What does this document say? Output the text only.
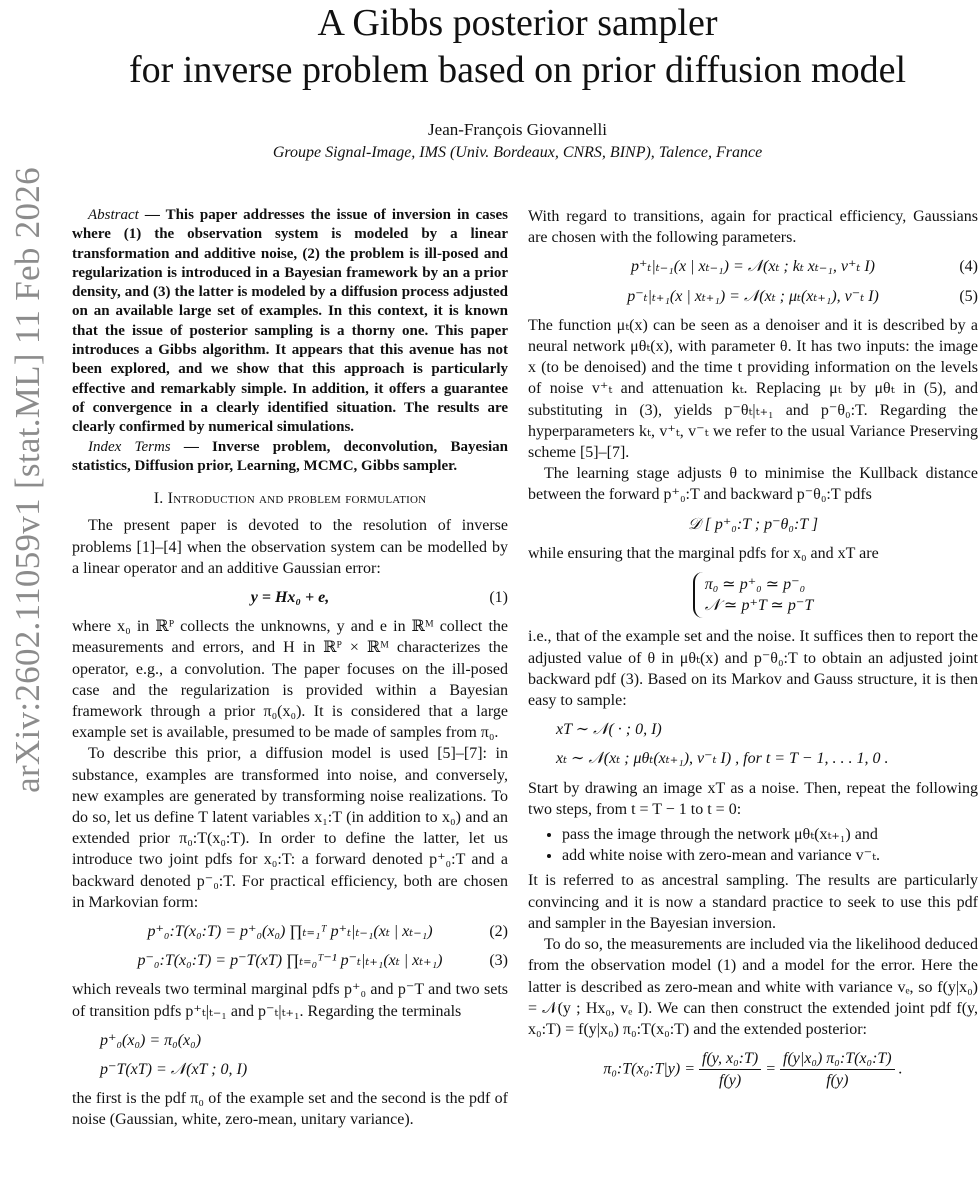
arXiv:2602.11059v1 [stat.ML] 11 Feb 2026
A Gibbs posterior sampler
for inverse problem based on prior diffusion model
Jean-François Giovannelli
Groupe Signal-Image, IMS (Univ. Bordeaux, CNRS, BINP), Talence, France

Abstract — This paper addresses the issue of inversion in cases where (1) the observation system is modeled by a linear transformation and additive noise, (2) the problem is ill-posed and regularization is introduced in a Bayesian framework by an a prior density, and (3) the latter is modeled by a diffusion process adjusted on an available large set of examples. In this context, it is known that the issue of posterior sampling is a thorny one. This paper introduces a Gibbs algorithm. It appears that this avenue has not been explored, and we show that this approach is particularly effective and remarkably simple. In addition, it offers a guarantee of convergence in a clearly identified situation. The results are clearly confirmed by numerical simulations.

Index Terms — Inverse problem, deconvolution, Bayesian statistics, Diffusion prior, Learning, MCMC, Gibbs sampler.

I. Introduction and problem formulation

The present paper is devoted to the resolution of inverse problems [1]–[4] when the observation system can be modelled by a linear operator and an additive Gaussian error:

y = Hx₀ + e,	(1)

where x₀ in ℝᴾ collects the unknowns, y and e in ℝᴹ collect the measurements and errors, and H in ℝᴾ × ℝᴹ characterizes the operator, e.g., a convolution. The paper focuses on the ill-posed case and the regularization is provided within a Bayesian framework through a prior π₀(x₀). It is considered that a large example set is available, presumed to be made of samples from π₀.

To describe this prior, a diffusion model is used [5]–[7]: in substance, examples are transformed into noise, and conversely, new examples are generated by transforming noise realizations. To do so, let us define T latent variables x₁:T (in addition to x₀) and an extended prior π₀:T(x₀:T). In order to define the latter, let us introduce two joint pdfs for x₀:T: a forward denoted p⁺₀:T and a backward denoted p⁻₀:T. For practical efficiency, both are chosen in Markovian form:

p⁺₀:T(x₀:T) = p⁺₀(x₀) ∏ₜ₌₁ᵀ p⁺ₜ|ₜ₋₁(xₜ | xₜ₋₁)	(2)
p⁻₀:T(x₀:T) = p⁻T(xT) ∏ₜ₌₀ᵀ⁻¹ p⁻ₜ|ₜ₊₁(xₜ | xₜ₊₁)	(3)

which reveals two terminal marginal pdfs p⁺₀ and p⁻T and two sets of transition pdfs p⁺ₜ|ₜ₋₁ and p⁻ₜ|ₜ₊₁. Regarding the terminals

p⁺₀(x₀) = π₀(x₀)
p⁻T(xT) = 𝒩(xT ; 0, I)

the first is the pdf π₀ of the example set and the second is the pdf of noise (Gaussian, white, zero-mean, unitary variance).

With regard to transitions, again for practical efficiency, Gaussians are chosen with the following parameters.

p⁺ₜ|ₜ₋₁(x | xₜ₋₁) = 𝒩(xₜ ; kₜ xₜ₋₁, v⁺ₜ I)	(4)
p⁻ₜ|ₜ₊₁(x | xₜ₊₁) = 𝒩(xₜ ; μₜ(xₜ₊₁), v⁻ₜ I)	(5)

The function μₜ(x) can be seen as a denoiser and it is described by a neural network μθₜ(x), with parameter θ. It has two inputs: the image x (to be denoised) and the time t providing information on the levels of noise v⁺ₜ and attenuation kₜ. Replacing μₜ by μθₜ in (5), and substituting in (3), yields p⁻θₜ|ₜ₊₁ and p⁻θ₀:T. Regarding the hyperparameters kₜ, v⁺ₜ, v⁻ₜ we refer to the usual Variance Preserving scheme [5]–[7].

The learning stage adjusts θ to minimise the Kullback distance between the forward p⁺₀:T and backward p⁻θ₀:T pdfs

𝒟 [ p⁺₀:T ; p⁻θ₀:T ]

while ensuring that the marginal pdfs for x₀ and xT are

π₀ ≃ p⁺₀ ≃ p⁻₀
𝒩 ≃ p⁺T ≃ p⁻T

i.e., that of the example set and the noise. It suffices then to report the adjusted value of θ in μθₜ(x) and p⁻θ₀:T to obtain an adjusted joint backward pdf (3). Based on its Markov and Gauss structure, it is then easy to sample:

xT ∼ 𝒩( · ; 0, I)
xₜ ∼ 𝒩(xₜ ; μθₜ(xₜ₊₁), v⁻ₜ I) , for t = T − 1, . . . 1, 0 .

Start by drawing an image xT as a noise. Then, repeat the following two steps, from t = T − 1 to t = 0:

• pass the image through the network μθₜ(xₜ₊₁) and
• add white noise with zero-mean and variance v⁻ₜ.

It is referred to as ancestral sampling. The results are particularly convincing and it is now a standard practice to seek to use this pdf and sampler in the Bayesian inversion.

To do so, the measurements are included via the likelihood deduced from the observation model (1) and a model for the error. Here the latter is described as zero-mean and white with variance vₑ, so f(y|x₀) = 𝒩(y ; Hx₀, vₑ I). We can then construct the extended joint pdf f(y, x₀:T) = f(y|x₀) π₀:T(x₀:T) and the extended posterior:

π₀:T(x₀:T|y) = $\frac{\text{f(y, x₀:T)}}{f(y)} = \frac{\text{f(y|x₀) π₀:T(x₀:T)}}{f(y)}$ .
